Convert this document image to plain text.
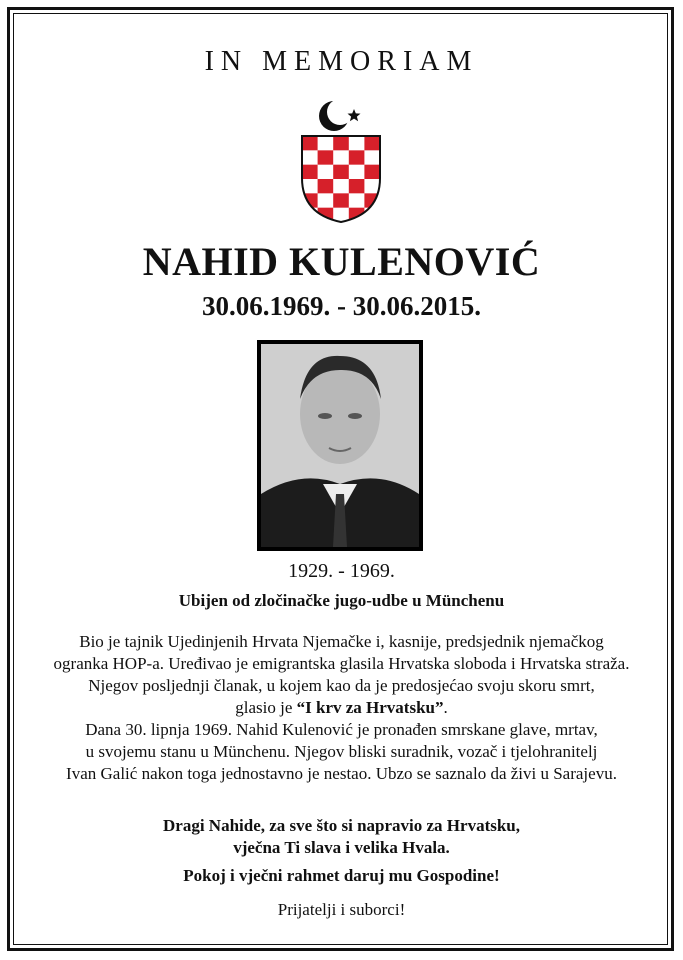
IN MEMORIAM
NAHID KULENOVIĆ
30.06.1969. - 30.06.2015.
1929. - 1969.
Ubijen od zločinačke jugo-udbe u Münchenu
Bio je tajnik Ujedinjenih Hrvata Njemačke i, kasnije, predsjednik njemačkog
ogranka HOP-a. Uređivao je emigrantska glasila Hrvatska sloboda i Hrvatska straža.
Njegov posljednji članak, u kojem kao da je predosjećao svoju skoru smrt,
glasio je “I krv za Hrvatsku”.
Dana 30. lipnja 1969. Nahid Kulenović je pronađen smrskane glave, mrtav,
u svojemu stanu u Münchenu. Njegov bliski suradnik, vozač i tjelohranitelj
Ivan Galić nakon toga jednostavno je nestao. Ubzo se saznalo da živi u Sarajevu.
Dragi Nahide, za sve što si napravio za Hrvatsku,
vječna Ti slava i velika Hvala.
Pokoj i vječni rahmet daruj mu Gospodine!
Prijatelji i suborci!
